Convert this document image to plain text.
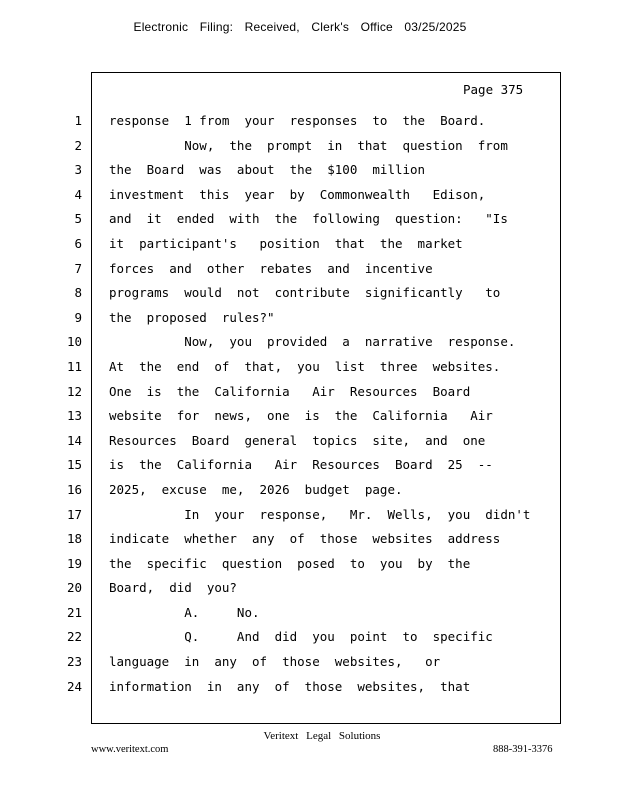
Electronic Filing: Received, Clerk's Office 03/25/2025
Page 375
1
2
3
4
5
6
7
8
9
10
11
12
13
14
15
16
17
18
19
20
21
22
23
24
response  1 from  your  responses  to  the  Board.
Now,  the  prompt  in  that  question  from
the  Board  was  about  the  $100  million
investment  this  year  by  Commonwealth   Edison,
and  it  ended  with  the  following  question:   "Is
it  participant's   position  that  the  market
forces  and  other  rebates  and  incentive
programs  would  not  contribute  significantly   to
the  proposed  rules?"
Now,  you  provided  a  narrative  response.
At  the  end  of  that,  you  list  three  websites.
One  is  the  California   Air  Resources  Board
website  for  news,  one  is  the  California   Air
Resources  Board  general  topics  site,  and  one
is  the  California   Air  Resources  Board  25  --
2025,  excuse  me,  2026  budget  page.
In  your  response,   Mr.  Wells,  you  didn't
indicate  whether  any  of  those  websites  address
the  specific  question  posed  to  you  by  the
Board,  did  you?
A.     No.
Q.     And  did  you  point  to  specific
language  in  any  of  those  websites,   or
information  in  any  of  those  websites,  that
Veritext Legal Solutions
www.veritext.com	888-391-3376
